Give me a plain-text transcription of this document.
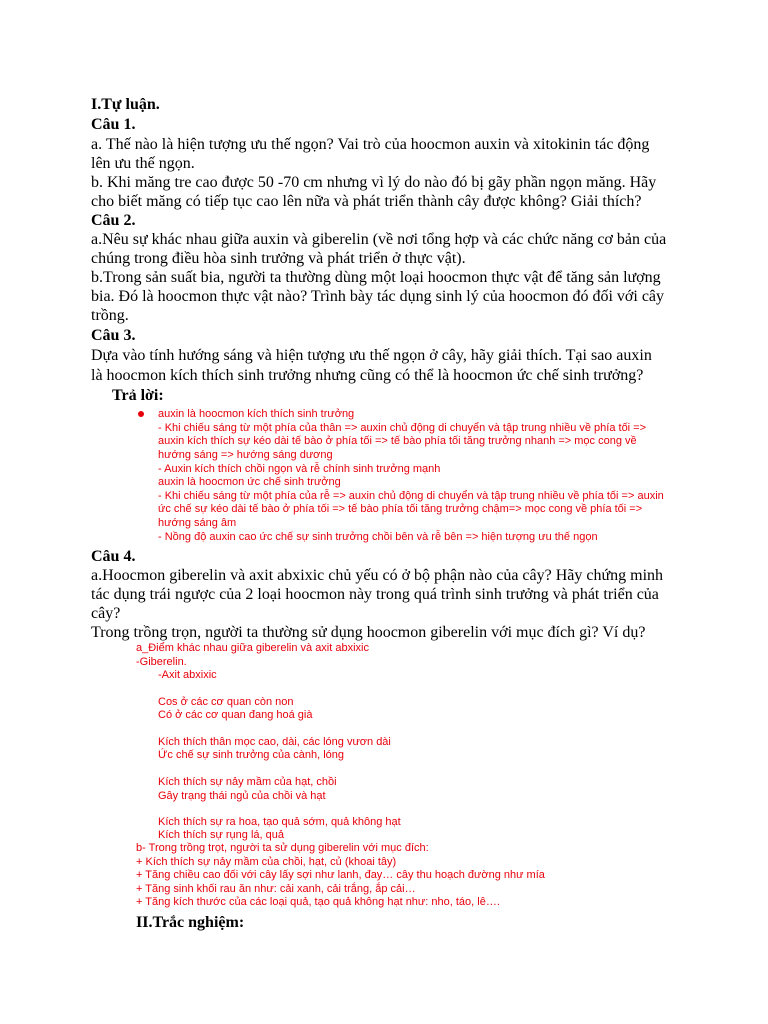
I.Tự luận.
Câu 1.
a. Thế nào là hiện tượng ưu thế ngọn? Vai trò của hoocmon auxin và xitokinin tác động
lên ưu thế ngọn.
b. Khi măng tre cao được 50 -70 cm nhưng vì lý do nào đó bị gãy phần ngọn măng. Hãy
cho biết măng có tiếp tục cao lên nữa và phát triển thành cây được không? Giải thích?
Câu 2.
a.Nêu sự khác nhau giữa auxin và giberelin (về nơi tổng hợp và các chức năng cơ bản của
chúng trong điều hòa sinh trưởng và phát triển ở thực vật).
b.Trong sản suất bia, người ta thường dùng một loại hoocmon thực vật để tăng sản lượng
bia. Đó là hoocmon thực vật nào? Trình bày tác dụng sinh lý của hoocmon đó đối với cây
trồng.
Câu 3.
Dựa vào tính hướng sáng và hiện tượng ưu thế ngọn ở cây, hãy giải thích. Tại sao auxin
là hoocmon kích thích sinh trưởng nhưng cũng có thể là hoocmon ức chế sinh trưởng?
Trả lời:
auxin là hoocmon kích thích sinh trưởng
- Khi chiếu sáng từ một phía của thân => auxin chủ động di chuyển và tập trung nhiều về phía tối =>
auxin kích thích sự kéo dài tế bào ở phía tối => tế bào phía tối tăng trưởng nhanh => mọc cong về
hướng sáng => hướng sáng dương
- Auxin kích thích chồi ngọn và rễ chính sinh trưởng mạnh
auxin là hoocmon ức chế sinh trưởng
- Khi chiếu sáng từ một phía của rễ => auxin chủ động di chuyển và tập trung nhiều về phía tối => auxin
ức chế sự kéo dài tế bào ở phía tối => tế bào phía tối tăng trưởng chậm=> mọc cong về phía tối =>
hướng sáng âm
- Nồng độ auxin cao ức chế sự sinh trưởng chồi bên và rễ bên => hiện tượng ưu thế ngọn
Câu 4.
a.Hoocmon giberelin và axit abxixic chủ yếu có ở bộ phận nào của cây? Hãy chứng minh
tác dụng trái ngược của 2 loại hoocmon này trong quá trình sinh trưởng và phát triển của
cây?
Trong trồng trọn, người ta thường sử dụng hoocmon giberelin với mục đích gì? Ví dụ?
a_Điểm khác nhau giữa giberelin và axit abxixic
-Giberelin.
-Axit abxixic
Cos ở các cơ quan còn non
Có ở các cơ quan đang hoá già
Kích thích thân mọc cao, dài, các lóng vươn dài
Ức chế sự sinh trưởng của cành, lóng
Kích thích sự nảy mầm của hạt, chồi
Gây trạng thái ngủ của chồi và hạt
Kích thích sự ra hoa, tạo quả sớm, quả không hạt
Kích thích sự rụng lá, quả
b- Trong trồng trọt, người ta sử dụng giberelin với mục đích:
+ Kích thích sự nảy mầm của chồi, hạt, củ (khoai tây)
+ Tăng chiều cao đối với cây lấy sợi như lanh, đay… cây thu hoạch đường như mía
+ Tăng sinh khối rau ăn như: cải xanh, cải trắng, ắp cải…
+ Tăng kích thước của các loại quả, tạo quả không hạt như: nho, táo, lê….
II.Trắc nghiệm:
